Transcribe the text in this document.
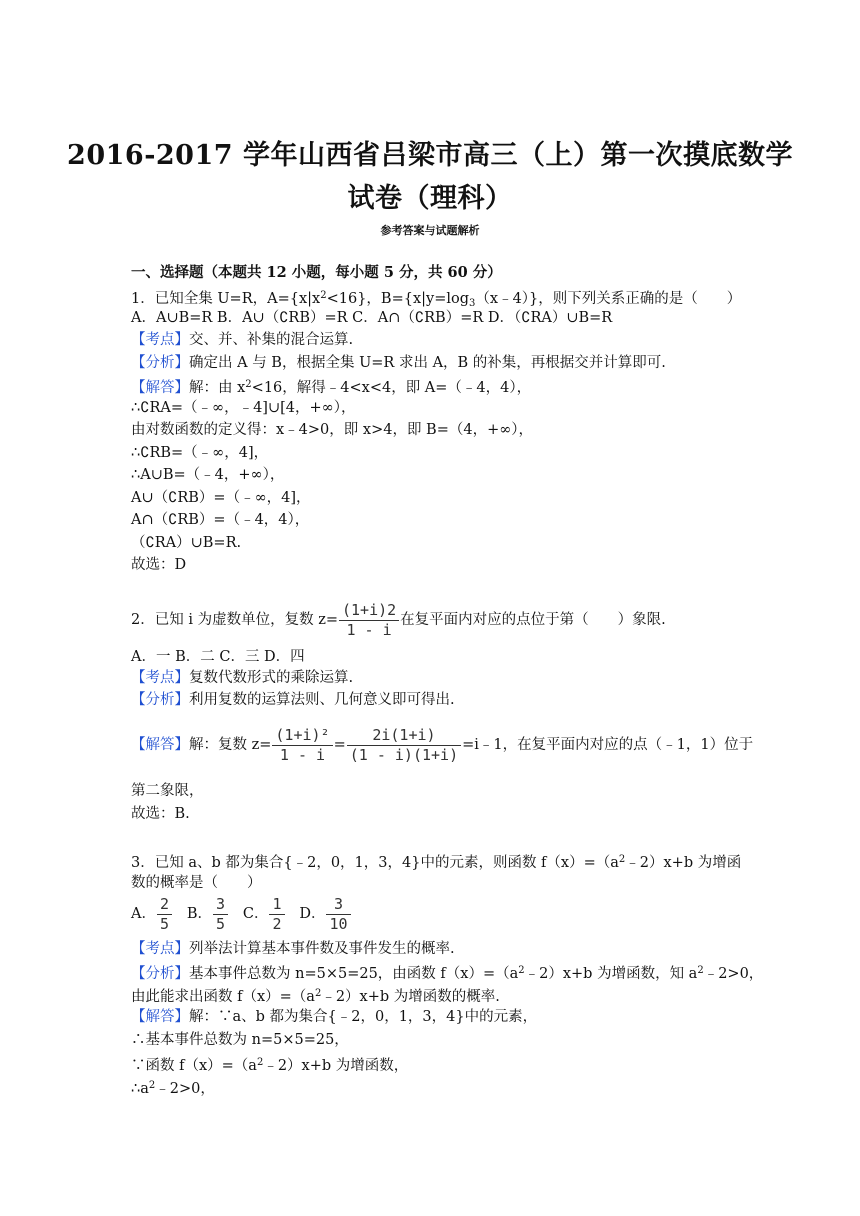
2016-2017 学年山西省吕梁市高三（上）第一次摸底数学
试卷（理科）
参考答案与试题解析
一、选择题（本题共 12 小题，每小题 5 分，共 60 分）
1．已知全集 U=R，$A=\{x|x^2<16\}$，$B=\{x|y=\log_3(x﹣4)\}$，则下列关系正确的是（　　）
A．A∪B=R B．A∪（∁RB）=R C．A∩（∁RB）=R D．（∁RA）∪B=R
【考点】交、并、补集的混合运算.
【分析】确定出 A 与 B，根据全集 U=R 求出 A，B 的补集，再根据交并计算即可.
【解答】解：由 $x^2<16$，解得﹣4<x<4，即 A=（﹣4，4），
∴∁RA=（﹣∞，﹣4]∪[4，+∞），
由对数函数的定义得：x﹣4>0，即 x>4，即 B=（4，+∞），
∴∁RB=（﹣∞，4]，
∴A∪B=（﹣4，+∞），
A∪（∁RB）=（﹣∞，4]，
A∩（∁RB）=（﹣4，4），
（∁RA）∪B=R.
故选：D
2．已知 i 为虚数单位，复数 $z= \frac{(1+i)2}{1 - i}$ 在复平面内对应的点位于第（　　）象限.
A．一 B．二 C．三 D．四
【考点】复数代数形式的乘除运算.
【分析】利用复数的运算法则、几何意义即可得出.
【解答】解：复数 $z= \frac{\text{(1+i)²}}{1 - i} = \frac{2i(1+i)}{(1 - i)(1+i)}$ =i﹣1，在复平面内对应的点（﹣1，1）位于
第二象限，
故选：B.
3．已知 a、b 都为集合{﹣2，0，1，3，4}中的元素，则函数 $f(x)=(a^2﹣2)x+b$ 为增函
数的概率是（　　）
A． $\frac{2}{5}$ B． $\frac{3}{5}$ C． $\frac{1}{2}$ D． $\frac{3}{10}$
【考点】列举法计算基本事件数及事件发生的概率.
【分析】基本事件总数为 n=5×5=25，由函数 $f(x)=(a^2﹣2)x+b$ 为增函数，知 $a^2﹣2>0$，
由此能求出函数 $f(x)=(a^2﹣2)x+b$ 为增函数的概率.
【解答】解：∵a、b 都为集合{﹣2，0，1，3，4}中的元素，
∴基本事件总数为 n=5×5=25，
∵函数 $f(x)=(a^2﹣2)x+b$ 为增函数，
$\therefore a^2﹣2>0$，
